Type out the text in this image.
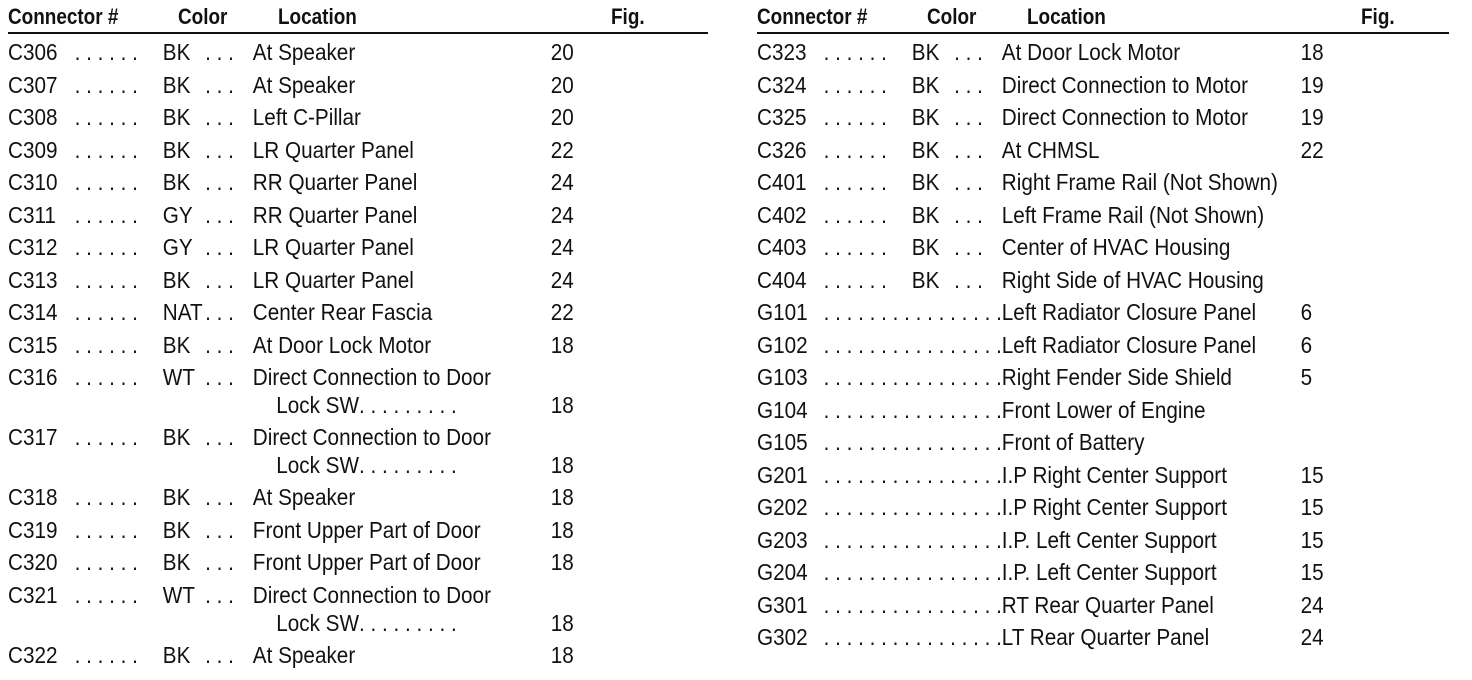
Connector #	Color Location	Fig.
C306 . . . . . . BK . . . At Speaker	20
C307 . . . . . . BK . . . At Speaker	20
C308 . . . . . . BK . . . Left C-Pillar	20
C309 . . . . . . BK . . . LR Quarter Panel	22
C310 . . . . . . BK . . . RR Quarter Panel	24
C311 . . . . . . GY . . . RR Quarter Panel	24
C312 . . . . . . GY . . . LR Quarter Panel	24
C313 . . . . . . BK . . . LR Quarter Panel	24
C314 . . . . . . NAT . . . Center Rear Fascia	22
C315 . . . . . . BK . . . At Door Lock Motor	18
C316 . . . . . . WT . . . Direct Connection to Door
Lock SW . . . . . . . . .	18
C317 . . . . . . BK . . . Direct Connection to Door
Lock SW . . . . . . . . .	18
C318 . . . . . . BK . . . At Speaker	18
C319 . . . . . . BK . . . Front Upper Part of Door	18
C320 . . . . . . BK . . . Front Upper Part of Door	18
C321 . . . . . . WT . . . Direct Connection to Door
Lock SW . . . . . . . . .	18
C322 . . . . . . BK . . . At Speaker	18
Connector #	Color Location	Fig.
C323 . . . . . . BK . . . At Door Lock Motor	18
C324 . . . . . . BK . . . Direct Connection to Motor 19
C325 . . . . . . BK . . . Direct Connection to Motor 19
C326 . . . . . . BK . . . At CHMSL	22
C401 . . . . . . BK . . . Right Frame Rail (Not Shown)
C402 . . . . . . BK . . . Left Frame Rail (Not Shown)
C403 . . . . . . BK . . . Center of HVAC Housing
C404 . . . . . . BK . . . Right Side of HVAC Housing
G101 . . . . . . . . . . . . . . . . Left Radiator Closure Panel 6
G102 . . . . . . . . . . . . . . . . Left Radiator Closure Panel 6
G103 . . . . . . . . . . . . . . . . Right Fender Side Shield	5
G104 . . . . . . . . . . . . . . . . Front Lower of Engine
G105 . . . . . . . . . . . . . . . . Front of Battery
G201 . . . . . . . . . . . . . . . . I.P Right Center Support	15
G202 . . . . . . . . . . . . . . . . I.P Right Center Support	15
G203 . . . . . . . . . . . . . . . . I.P. Left Center Support	15
G204 . . . . . . . . . . . . . . . . I.P. Left Center Support	15
G301 . . . . . . . . . . . . . . . . RT Rear Quarter Panel	24
G302 . . . . . . . . . . . . . . . . LT Rear Quarter Panel	24
